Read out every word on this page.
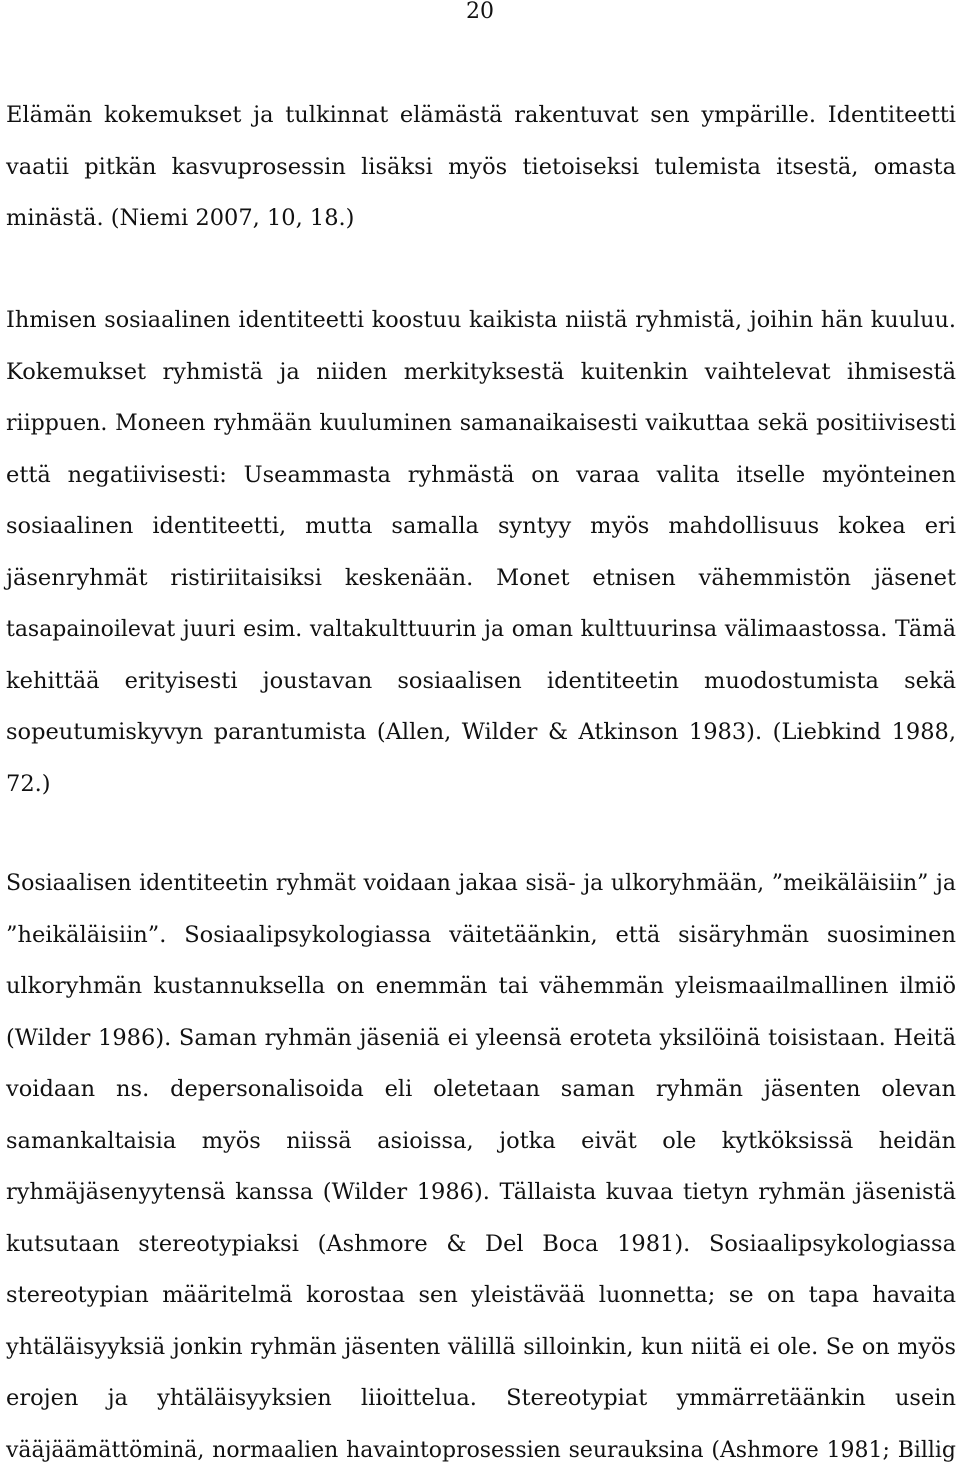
20
Elämän kokemukset ja tulkinnat elämästä rakentuvat sen ympärille. Identiteetti
vaatii pitkän kasvuprosessin lisäksi myös tietoiseksi tulemista itsestä, omasta
minästä. (Niemi 2007, 10, 18.)
Ihmisen sosiaalinen identiteetti koostuu kaikista niistä ryhmistä, joihin hän kuuluu.
Kokemukset ryhmistä ja niiden merkityksestä kuitenkin vaihtelevat ihmisestä
riippuen. Moneen ryhmään kuuluminen samanaikaisesti vaikuttaa sekä positiivisesti
että negatiivisesti: Useammasta ryhmästä on varaa valita itselle myönteinen
sosiaalinen identiteetti, mutta samalla syntyy myös mahdollisuus kokea eri
jäsenryhmät ristiriitaisiksi keskenään. Monet etnisen vähemmistön jäsenet
tasapainoilevat juuri esim. valtakulttuurin ja oman kulttuurinsa välimaastossa. Tämä
kehittää erityisesti joustavan sosiaalisen identiteetin muodostumista sekä
sopeutumiskyvyn parantumista (Allen, Wilder & Atkinson 1983). (Liebkind 1988,
72.)
Sosiaalisen identiteetin ryhmät voidaan jakaa sisä- ja ulkoryhmään, ”meikäläisiin” ja
”heikäläisiin”. Sosiaalipsykologiassa väitetäänkin, että sisäryhmän suosiminen
ulkoryhmän kustannuksella on enemmän tai vähemmän yleismaailmallinen ilmiö
(Wilder 1986). Saman ryhmän jäseniä ei yleensä eroteta yksilöinä toisistaan. Heitä
voidaan ns. depersonalisoida eli oletetaan saman ryhmän jäsenten olevan
samankaltaisia myös niissä asioissa, jotka eivät ole kytköksissä heidän
ryhmäjäsenyytensä kanssa (Wilder 1986). Tällaista kuvaa tietyn ryhmän jäsenistä
kutsutaan stereotypiaksi (Ashmore & Del Boca 1981). Sosiaalipsykologiassa
stereotypian määritelmä korostaa sen yleistävää luonnetta; se on tapa havaita
yhtäläisyyksiä jonkin ryhmän jäsenten välillä silloinkin, kun niitä ei ole. Se on myös
erojen ja yhtäläisyyksien liioittelua. Stereotypiat ymmärretäänkin usein
vääjäämättöminä, normaalien havaintoprosessien seurauksina (Ashmore 1981; Billig
